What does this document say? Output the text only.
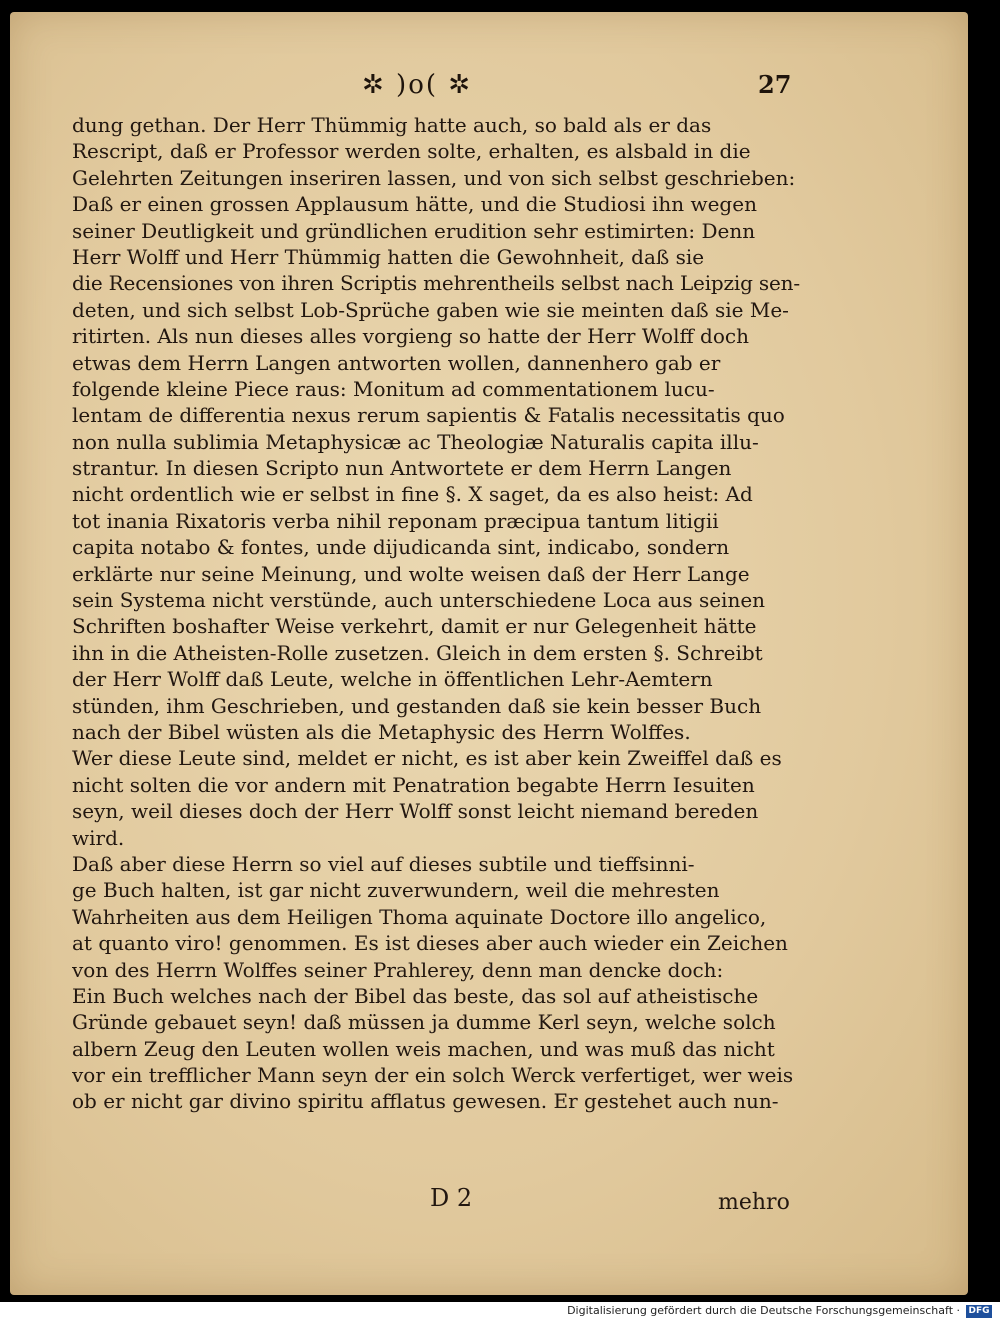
✲ )o( ✲	27
dung gethan. Der Herr Thümmig hatte auch, so bald als er das
Rescript, daß er Professor werden solte, erhalten, es alsbald in die
Gelehrten Zeitungen inseriren lassen, und von sich selbst geschrieben:
Daß er einen grossen Applausum hätte, und die Studiosi ihn wegen
seiner Deutligkeit und gründlichen erudition sehr estimirten: Denn
Herr Wolff und Herr Thümmig hatten die Gewohnheit, daß sie
die Recensiones von ihren Scriptis mehrentheils selbst nach Leipzig sen-
deten, und sich selbst Lob-Sprüche gaben wie sie meinten daß sie Me-
ritirten. Als nun dieses alles vorgieng so hatte der Herr Wolff doch
etwas dem Herrn Langen antworten wollen, dannenhero gab er
folgende kleine Piece raus: Monitum ad commentationem lucu-
lentam de differentia nexus rerum sapientis & Fatalis necessitatis quo
non nulla sublimia Metaphysicæ ac Theologiæ Naturalis capita illu-
strantur. In diesen Scripto nun Antwortete er dem Herrn Langen
nicht ordentlich wie er selbst in fine §. X saget, da es also heist: Ad
tot inania Rixatoris verba nihil reponam præcipua tantum litigii
capita notabo & fontes, unde dijudicanda sint, indicabo, sondern
erklärte nur seine Meinung, und wolte weisen daß der Herr Lange
sein Systema nicht verstünde, auch unterschiedene Loca aus seinen
Schriften boshafter Weise verkehrt, damit er nur Gelegenheit hätte
ihn in die Atheisten-Rolle zusetzen. Gleich in dem ersten §. Schreibt
der Herr Wolff daß Leute, welche in öffentlichen Lehr-Aemtern
stünden, ihm Geschrieben, und gestanden daß sie kein besser Buch
nach der Bibel wüsten als die Metaphysic des Herrn Wolffes.
Wer diese Leute sind, meldet er nicht, es ist aber kein Zweiffel daß es
nicht solten die vor andern mit Penatration begabte Herrn Iesuiten
seyn, weil dieses doch der Herr Wolff sonst leicht niemand bereden
wird.
Daß aber diese Herrn so viel auf dieses subtile und tieffsinni-
ge Buch halten, ist gar nicht zuverwundern, weil die mehresten
Wahrheiten aus dem Heiligen Thoma aquinate Doctore illo angelico,
at quanto viro! genommen. Es ist dieses aber auch wieder ein Zeichen
von des Herrn Wolffes seiner Prahlerey, denn man dencke doch:
Ein Buch welches nach der Bibel das beste, das sol auf atheistische
Gründe gebauet seyn! daß müssen ja dumme Kerl seyn, welche solch
albern Zeug den Leuten wollen weis machen, und was muß das nicht
vor ein trefflicher Mann seyn der ein solch Werck verfertiget, wer weis
ob er nicht gar divino spiritu afflatus gewesen. Er gestehet auch nun-
D 2	mehro
Digitalisierung gefördert durch die Deutsche Forschungsgemeinschaft · DFG
